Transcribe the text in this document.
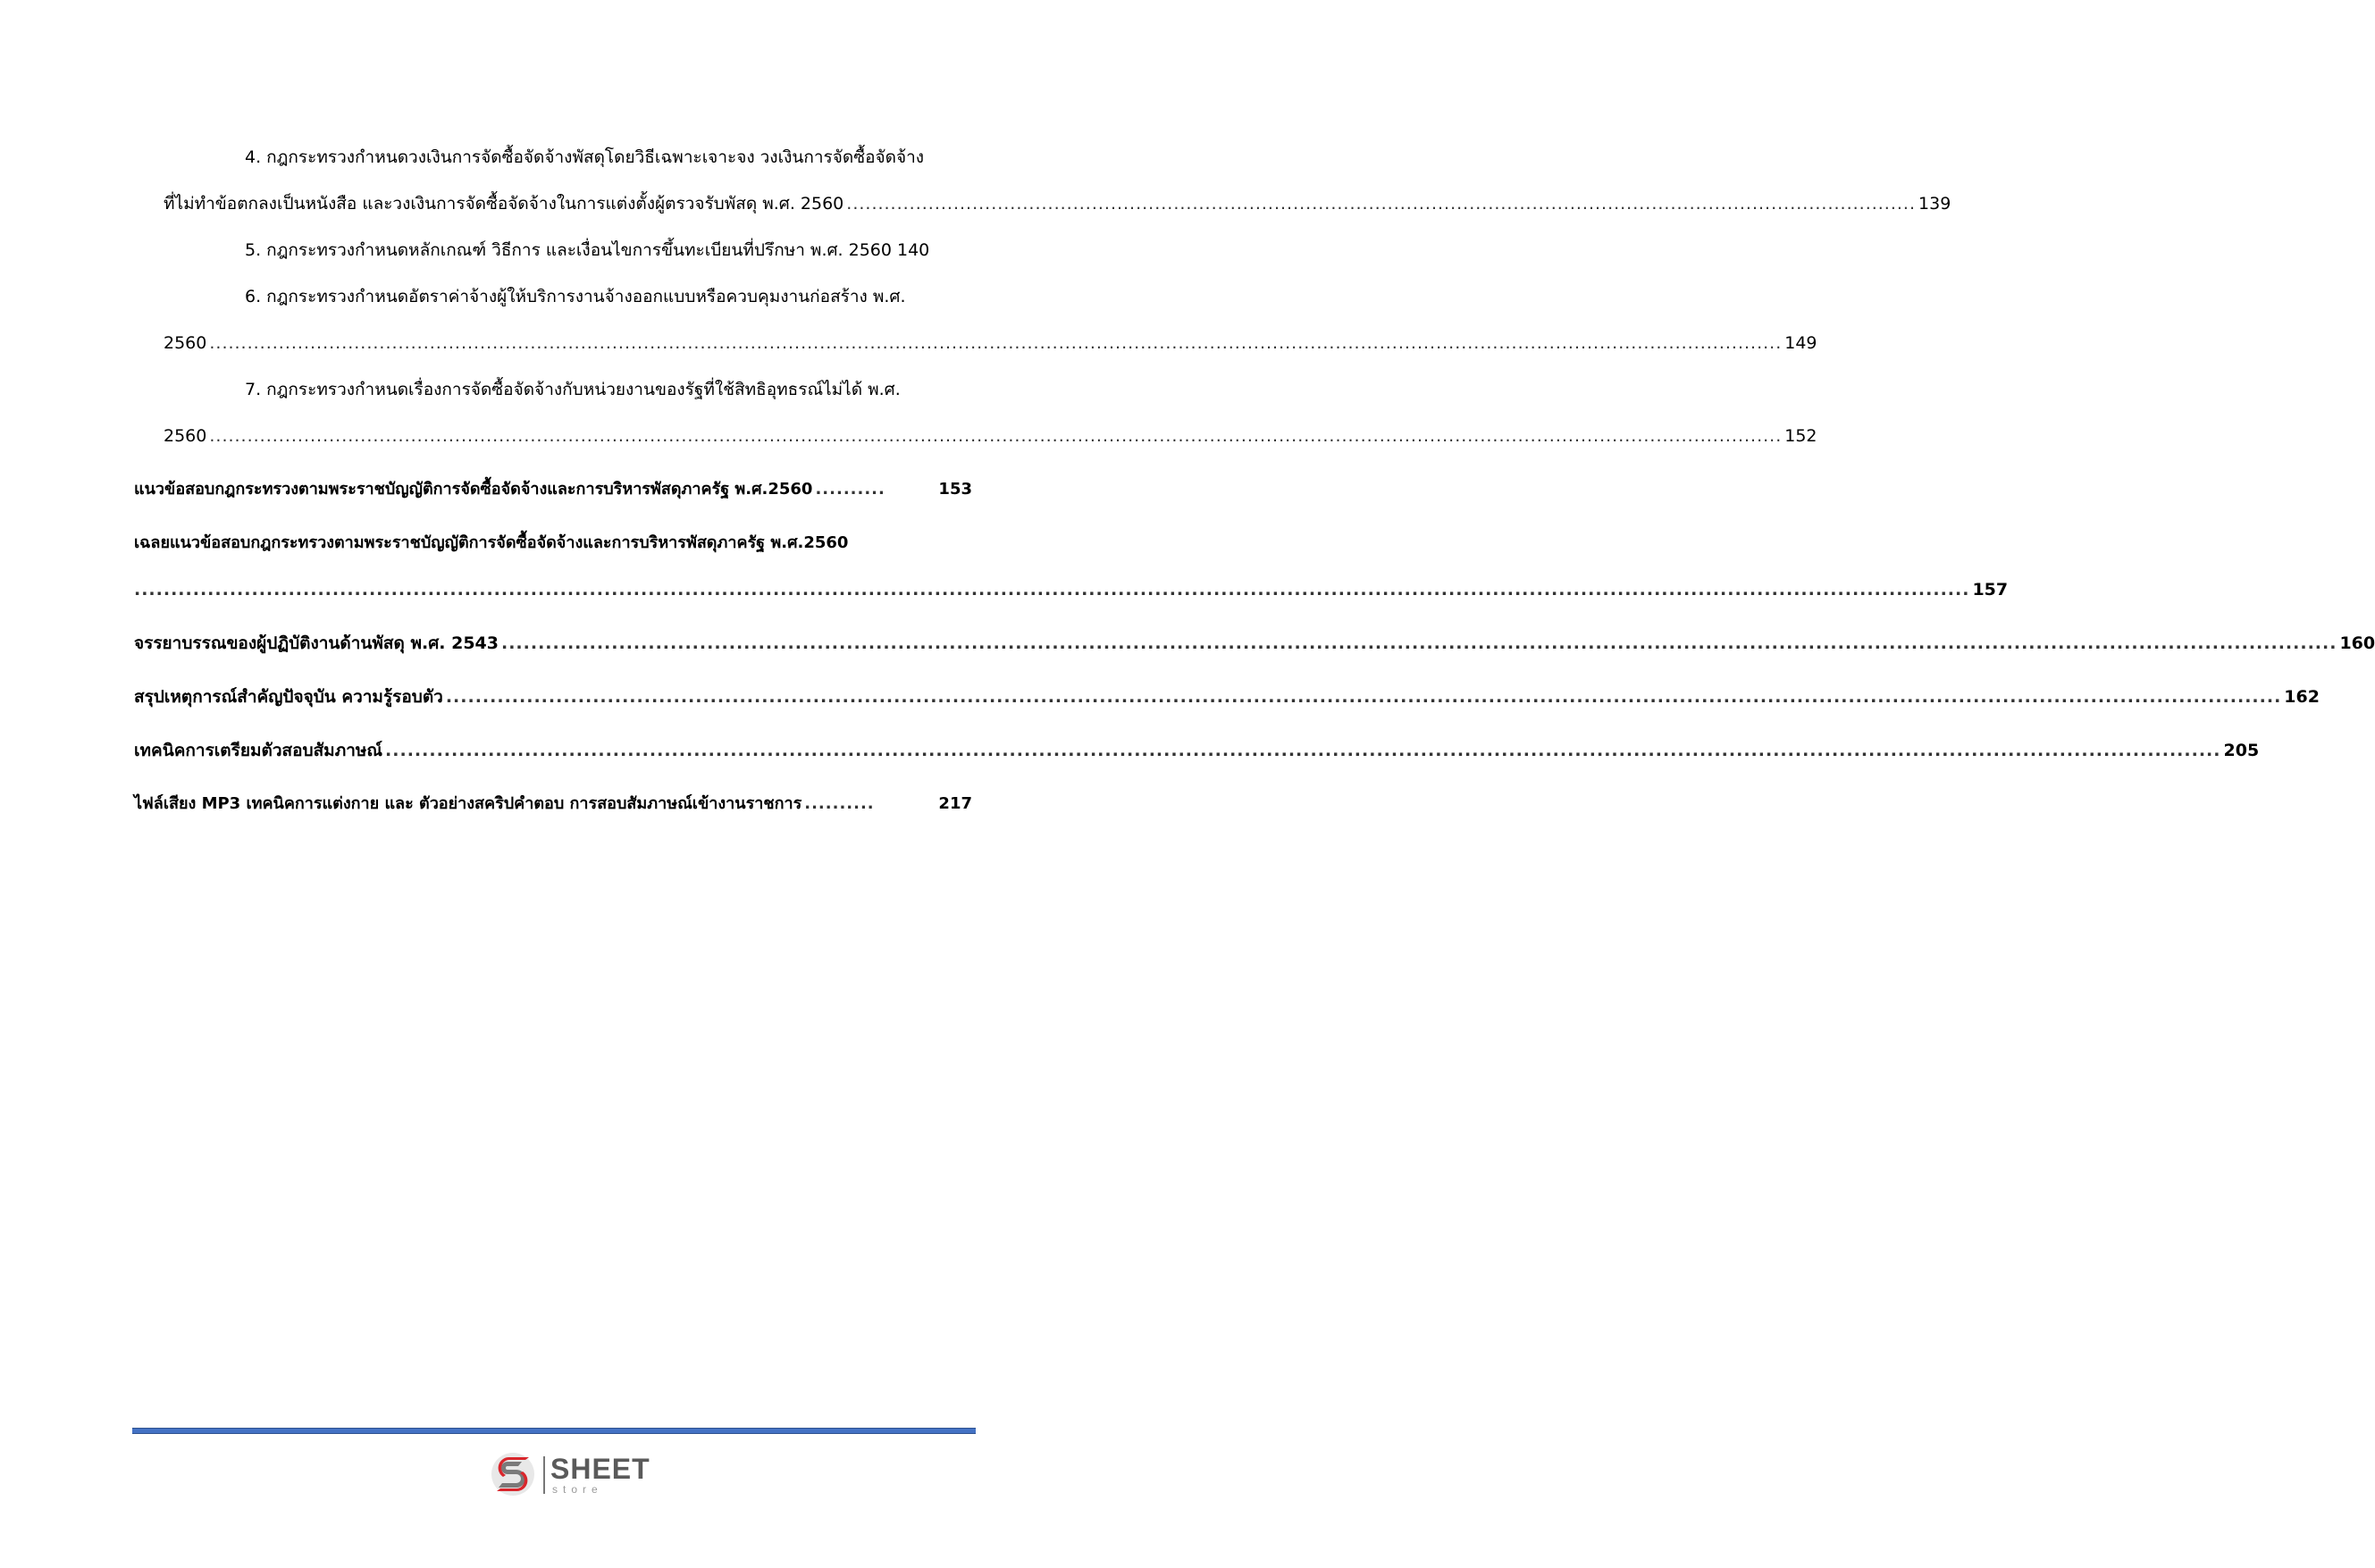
4. กฎกระทรวงกำหนดวงเงินการจัดซื้อจัดจ้างพัสดุโดยวิธีเฉพาะเจาะจง วงเงินการจัดซื้อจัดจ้าง
ที่ไม่ทำข้อตกลงเป็นหนังสือ และวงเงินการจัดซื้อจัดจ้างในการแต่งตั้งผู้ตรวจรับพัสดุ พ.ศ. 2560 .......................................................................................................................................................................... 139
5. กฎกระทรวงกำหนดหลักเกณฑ์ วิธีการ และเงื่อนไขการขึ้นทะเบียนที่ปรึกษา พ.ศ. 2560 140
6. กฎกระทรวงกำหนดอัตราค่าจ้างผู้ให้บริการงานจ้างออกแบบหรือควบคุมงานก่อสร้าง พ.ศ.
2560 .......................................................................................................................................................................................................................................................... 149
7. กฎกระทรวงกำหนดเรื่องการจัดซื้อจัดจ้างกับหน่วยงานของรัฐที่ใช้สิทธิอุทธรณ์ไม่ได้ พ.ศ.
2560 .......................................................................................................................................................................................................................................................... 152
แนวข้อสอบกฎกระทรวงตามพระราชบัญญัติการจัดซื้อจัดจ้างและการบริหารพัสดุภาครัฐ พ.ศ.2560 ..........	153
เฉลยแนวข้อสอบกฎกระทรวงตามพระราชบัญญัติการจัดซื้อจัดจ้างและการบริหารพัสดุภาครัฐ พ.ศ.2560
.......................................................................................................................................................................................................................................................... 157
จรรยาบรรณของผู้ปฏิบัติงานด้านพัสดุ พ.ศ. 2543 .......................................................................................................................................................................................................................................................... 160
สรุปเหตุการณ์สำคัญปัจจุบัน ความรู้รอบตัว .......................................................................................................................................................................................................................................................... 162
เทคนิคการเตรียมตัวสอบสัมภาษณ์ .......................................................................................................................................................................................................................................................... 205
ไฟล์เสียง MP3 เทคนิคการแต่งกาย และ ตัวอย่างสคริปคำตอบ การสอบสัมภาษณ์เข้างานราชการ ..........	217
SHEET
store
